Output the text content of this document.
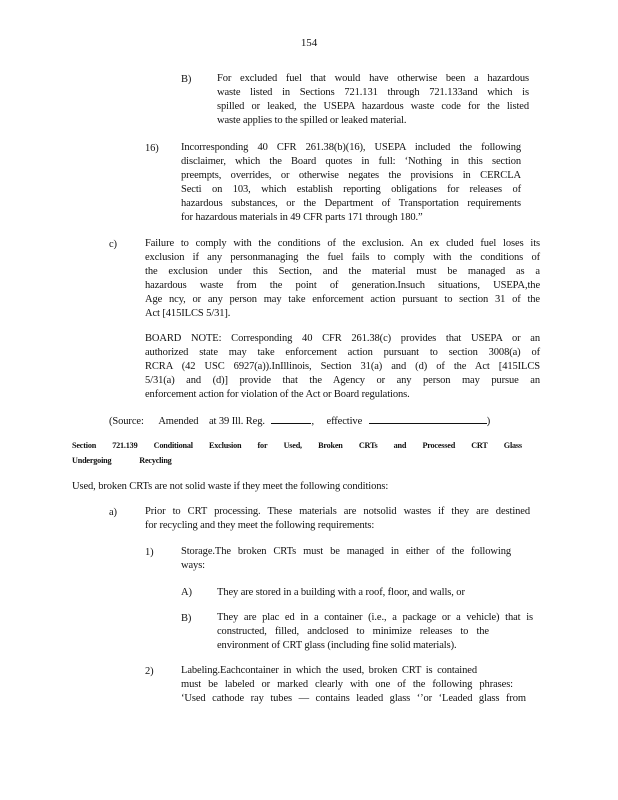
154
B) For excluded fuel that would have otherwise been a hazardous

waste listed in Sections 721.131 through 721.133and which is

spilled or leaked, the USEPA hazardous waste code for the listed

waste applies to the spilled or leaked material.

16) Incorresponding 40 CFR 261.38(b)(16), USEPA included the following

disclaimer, which the Board quotes in full: ‘Nothing in this section

preempts, overrides, or otherwise negates the provisions in CERCLA

Secti on 103, which establish reporting obligations for releases of

hazardous substances, or the Department of Transportation requirements

for hazardous materials in 49 CFR parts 171 through 180.”

c)	Failure to comply with the conditions of the exclusion. An ex cluded fuel loses its

exclusion if any personmanaging the fuel fails to comply with the conditions of

the exclusion under this Section, and the material must be managed as a

hazardous waste from the point of generation.Insuch situations, USEPA,the

Age ncy, or any person may take enforcement action pursuant to section 31 of the

Act [415ILCS 5/31].

BOARD NOTE: Corresponding 40 CFR 261.38(c) provides that USEPA or an

authorized state may take enforcement action pursuant to section 3008(a) of

RCRA (42 USC 6927(a)).InIllinois, Section 31(a) and (d) of the Act [415ILCS

5/31(a) and (d)] provide that the Agency or any person may pursue an

enforcement action for violation of the Act or Board regulations.

(Source: Amended at 39 Ill. Reg.	, effective	)
Section 721.139 Conditional Exclusion for Used, Broken CRTs and Processed CRT Glass
Undergoing	Recycling
Used, broken CRTs are not solid waste if they meet the following conditions:
a)	Prior to CRT processing. These materials are notsolid wastes if they are destined

for recycling and they meet the following requirements:

1)	Storage.The broken CRTs must be managed in either of the following

ways:

A) They are stored in a building with a roof, floor, and walls, or
B) They are plac ed in a container (i.e., a package or a vehicle) that is

constructed, filled, andclosed to minimize releases to the

environment of CRT glass (including fine solid materials).

2)	Labeling.Eachcontainer in which the used, broken CRT is contained

must be labeled or marked clearly with one of the following phrases:

‘Used cathode ray tubes — contains leaded glass ‘’or ‘Leaded glass from
